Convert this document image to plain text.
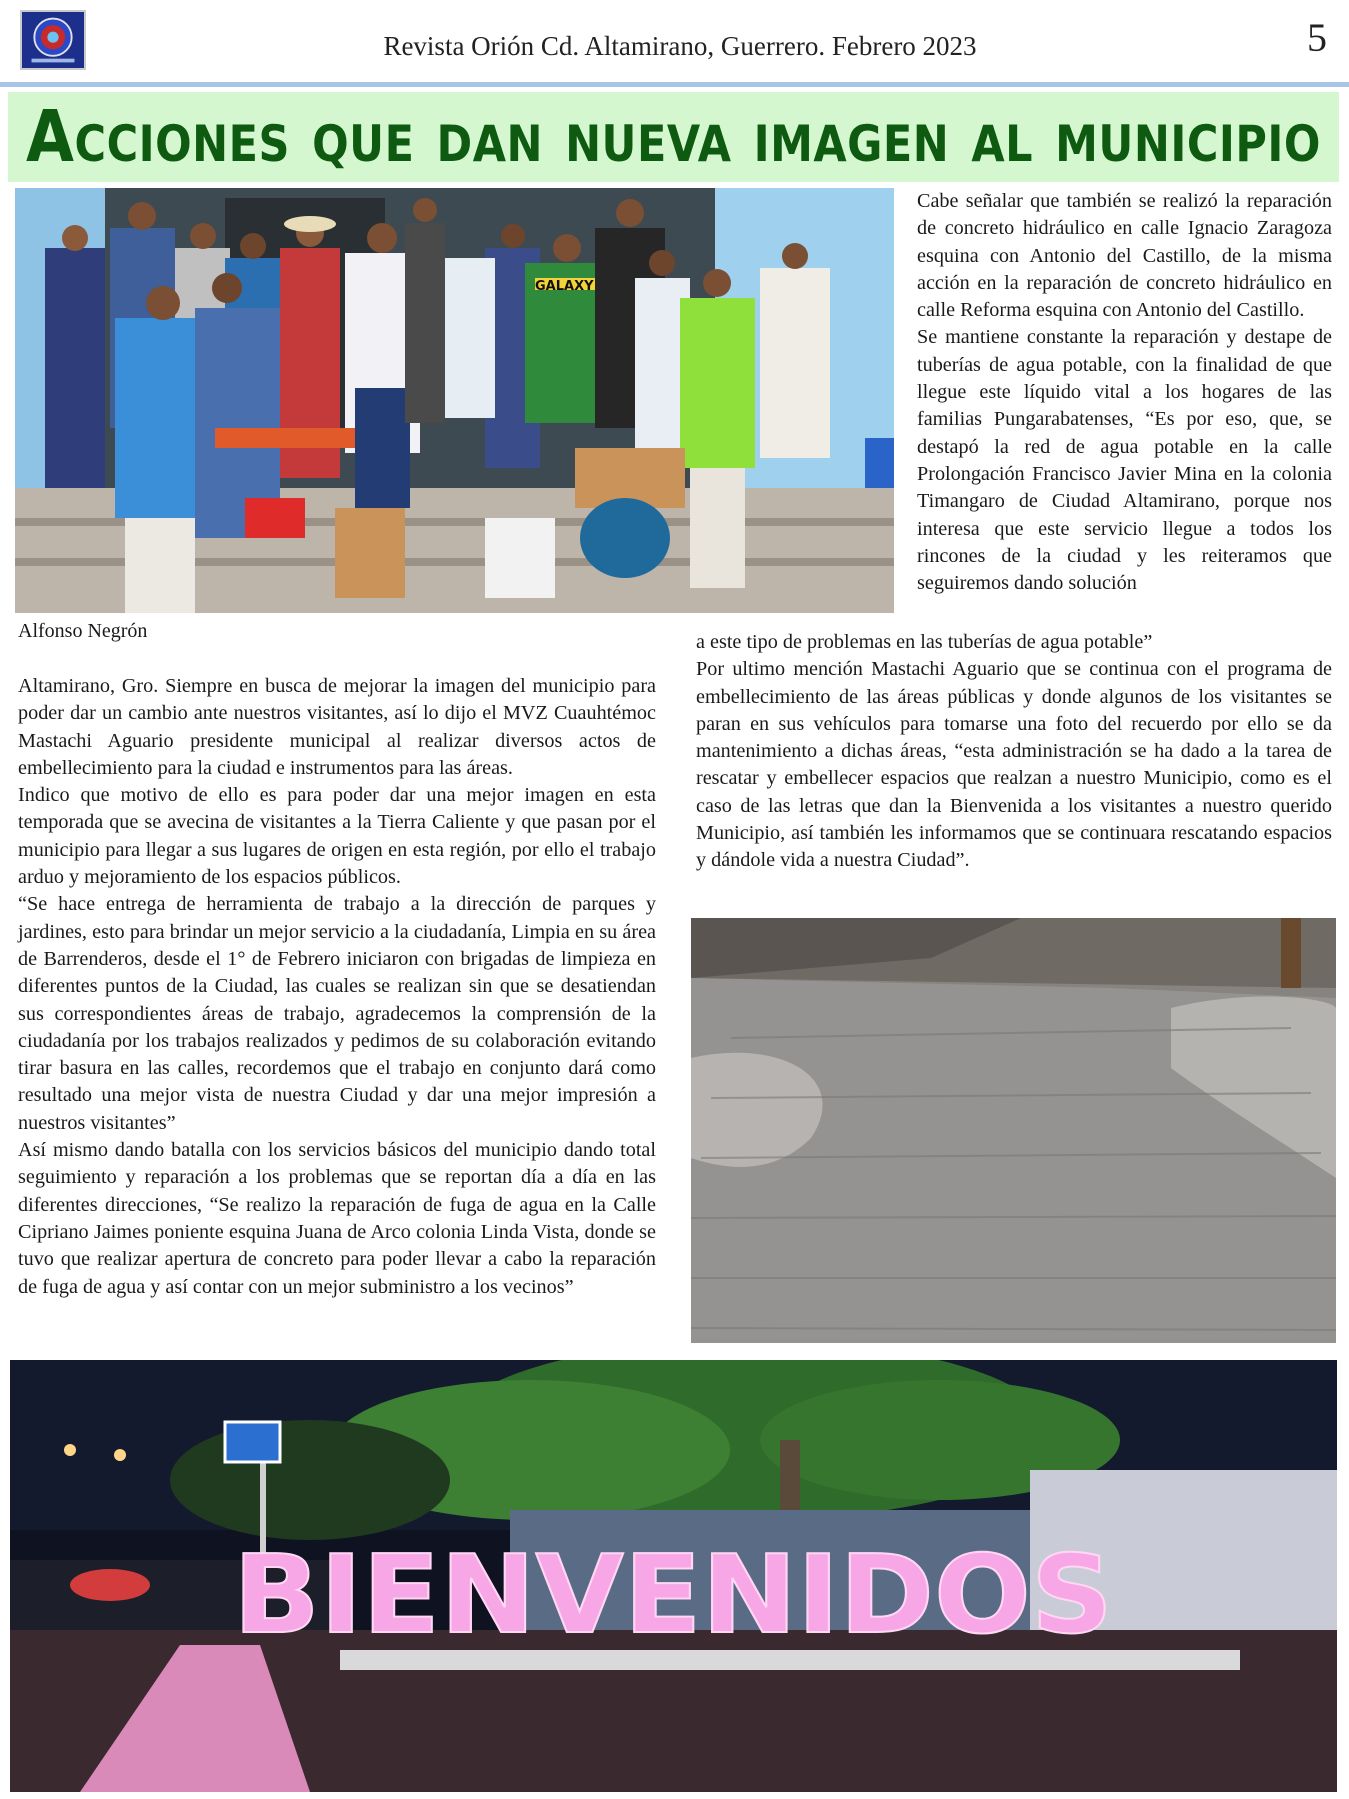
Revista Orión Cd. Altamirano, Guerrero. Febrero 2023	5
Acciones que dan nueva imagen al municipio
GALAXY
Alfonso Negrón

Cabe señalar que también se realizó la reparación de concreto hidráulico en calle Ignacio Zaragoza esquina con Antonio del Castillo, de la misma acción en la reparación de concreto hidráulico en calle Reforma esquina con Antonio del Castillo.

Se mantiene constante la reparación y destape de tuberías de agua potable, con la finalidad de que llegue este líquido vital a los hogares de las familias Pungarabatenses, “Es por eso, que, se destapó la red de agua potable en la calle Prolongación Francisco Javier Mina en la colonia Timangaro de Ciudad Altamirano, porque nos interesa que este servicio llegue a todos los rincones de la ciudad y les reiteramos que seguiremos dando solución

a este tipo de problemas en las tuberías de agua potable”

Por ultimo mención Mastachi Aguario que se continua con el programa de embellecimiento de las áreas públicas y donde algunos de los visitantes se paran en sus vehículos para tomarse una foto del recuerdo por ello se da mantenimiento a dichas áreas, “esta administración se ha dado a la tarea de rescatar y embellecer espacios que realzan a nuestro Municipio, como es el caso de las letras que dan la Bienvenida a los visitantes a nuestro querido Municipio, así también les informamos que se continuara rescatando espacios y dándole vida a nuestra Ciudad”.

Altamirano, Gro. Siempre en busca de mejorar la imagen del municipio para poder dar un cambio ante nuestros visitantes, así lo dijo el MVZ Cuauhtémoc Mastachi Aguario presidente municipal al realizar diversos actos de embellecimiento para la ciudad e instrumentos para las áreas.

Indico que motivo de ello es para poder dar una mejor imagen en esta temporada que se avecina de visitantes a la Tierra Caliente y que pasan por el municipio para llegar a sus lugares de origen en esta región, por ello el trabajo arduo y mejoramiento de los espacios públicos.

“Se hace entrega de herramienta de trabajo a la dirección de parques y jardines, esto para brindar un mejor servicio a la ciudadanía, Limpia en su área de Barrenderos, desde el 1° de Febrero iniciaron con brigadas de limpieza en diferentes puntos de la Ciudad, las cuales se realizan sin que se desatiendan sus correspondientes áreas de trabajo, agradecemos la comprensión de la ciudadanía por los trabajos realizados y pedimos de su colaboración evitando tirar basura en las calles, recordemos que el trabajo en conjunto dará como resultado una mejor vista de nuestra Ciudad y dar una mejor impresión a nuestros visitantes”

Así mismo dando batalla con los servicios básicos del municipio dando total seguimiento y reparación a los problemas que se reportan día a día en las diferentes direcciones, “Se realizo la reparación de fuga de agua en la Calle Cipriano Jaimes poniente esquina Juana de Arco colonia Linda Vista, donde se tuvo que realizar apertura de concreto para poder llevar a cabo la reparación de fuga de agua y así contar con un mejor subministro a los vecinos”

BIENVENIDOS
